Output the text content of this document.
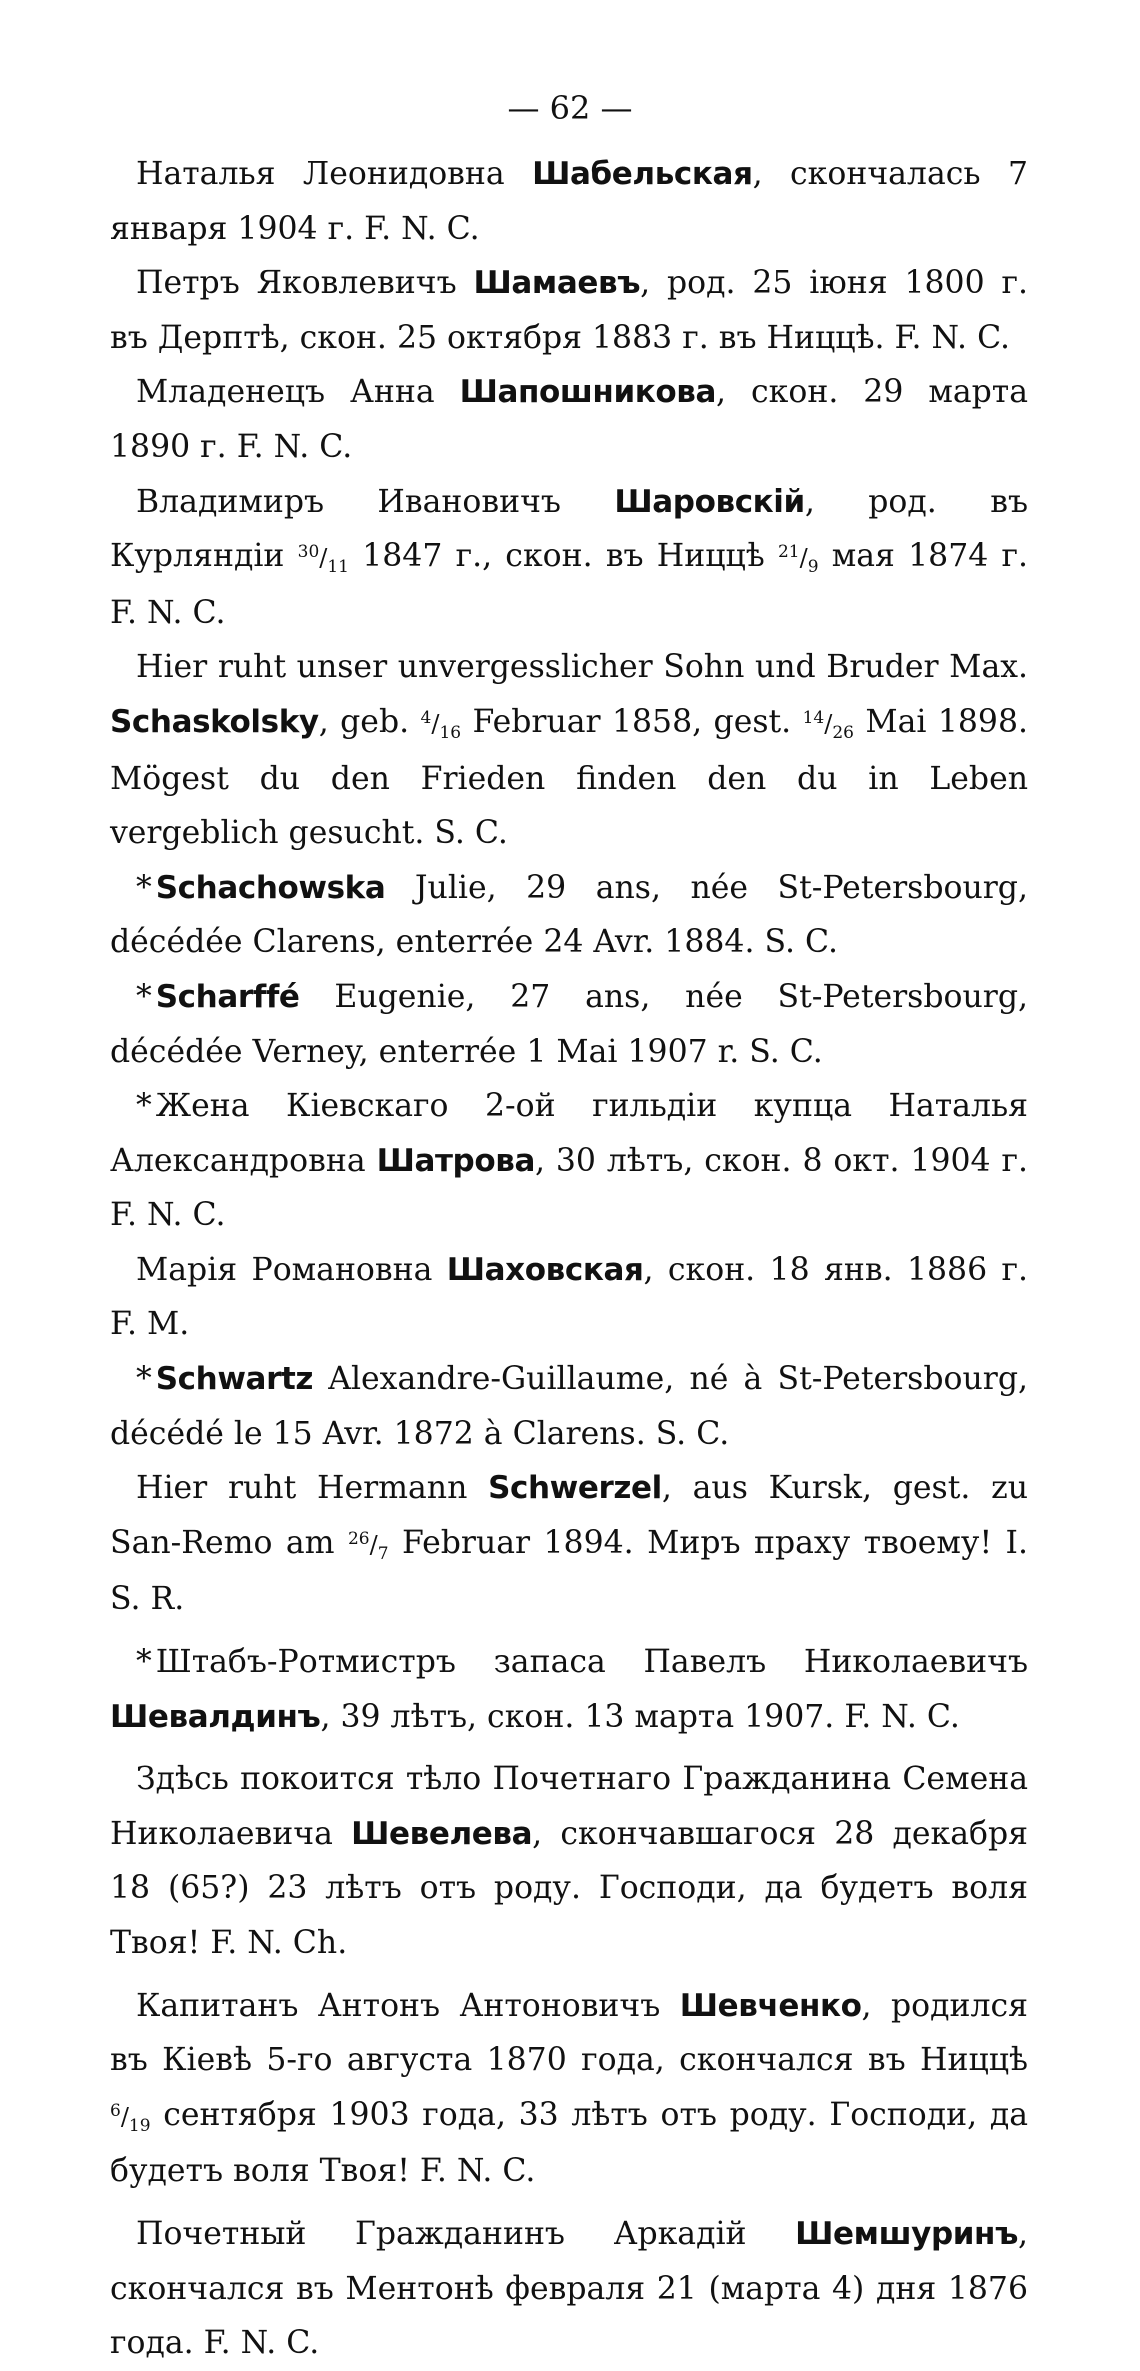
— 62 —

Наталья Леонидовна Шабельская, скончалась 7 января 1904 г. F. N. C.

Петръ Яковлевичъ Шамаевъ, род. 25 іюня 1800 г. въ Дерптѣ, скон. 25 октября 1883 г. въ Ниццѣ. F. N. C.

Младенецъ Анна Шапошникова, скон. 29 марта 1890 г. F. N. C.

Владимиръ Ивановичъ Шаровскій, род. въ Курляндіи $^{30}/_{11}$ 1847 г., скон. въ Ниццѣ $^{21}/_9$ мая 1874 г. F. N. C.

Hier ruht unser unvergesslicher Sohn und Bruder Max. Schaskolsky, geb. $^4/_{16}$ Februar 1858, gest. $^{14}/_{26}$ Mai 1898. Mögest du den Frieden finden den du in Leben vergeblich gesucht. S. C.

* Schachowska Julie, 29 ans, née St-Petersbourg, décédée Clarens, enterrée 24 Avr. 1884. S. C.

* Scharffé Eugenie, 27 ans, née St-Petersbourg, décédée Verney, enterrée 1 Mai 1907 r. S. C.

* Жена Кіевскаго 2-ой гильдіи купца Наталья Александровна Шатрова, 30 лѣтъ, скон. 8 окт. 1904 г. F. N. C.

Марія Романовна Шаховская, скон. 18 янв. 1886 г. F. M.

* Schwartz Alexandre-Guillaume, né à St-Petersbourg, décédé le 15 Avr. 1872 à Clarens. S. C.

Hier ruht Hermann Schwerzel, aus Kursk, gest. zu San-Remo am $^{26}/_7$ Februar 1894. Миръ праху твоему! I. S. R.

* Штабъ-Ротмистръ запаса Павелъ Николаевичъ Шевалдинъ, 39 лѣтъ, скон. 13 марта 1907. F. N. C.

Здѣсь покоится тѣло Почетнаго Гражданина Семена Николаевича Шевелева, скончавшагося 28 декабря 18 (65?) 23 лѣтъ отъ роду. Господи, да будетъ воля Твоя! F. N. Ch.

Капитанъ Антонъ Антоновичъ Шевченко, родился въ Кіевѣ 5-го августа 1870 года, скончался въ Ниццѣ $^6/_{19}$ сентября 1903 года, 33 лѣтъ отъ роду. Господи, да будетъ воля Твоя! F. N. C.

Почетный Гражданинъ Аркадій Шемшуринъ, скончался въ Ментонѣ февраля 21 (марта 4) дня 1876 года. F. N. C.
